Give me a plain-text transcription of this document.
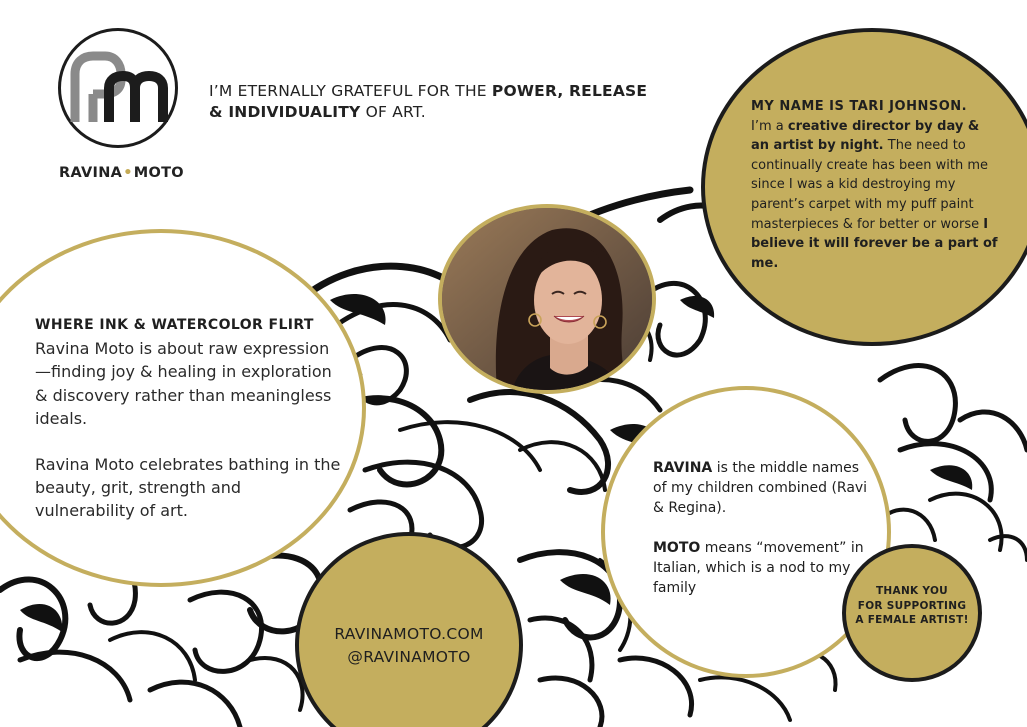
RAVINA•MOTO
I’M ETERNALLY GRATEFUL FOR THE POWER, RELEASE
& INDIVIDUALITY OF ART.	MY NAME IS TARI JOHNSON.
I’m a creative director by day & an artist by night. The need to continually create has been with me since I was a kid destroying my parent’s carpet with my puff paint masterpieces & for better or worse I believe it will forever be a part of me.
WHERE INK & WATERCOLOR FLIRT

Ravina Moto is about raw expression—finding joy & healing in exploration & discovery rather than meaningless ideals.

Ravina Moto celebrates bathing in the beauty, grit, strength and vulnerability of art.

RAVINAMOTO.COM
@RAVINAMOTO

RAVINA is the middle names of my children combined (Ravi & Regina).

MOTO means “movement” in Italian, which is a nod to my family	THANK YOU
FOR SUPPORTING
A FEMALE ARTIST!
